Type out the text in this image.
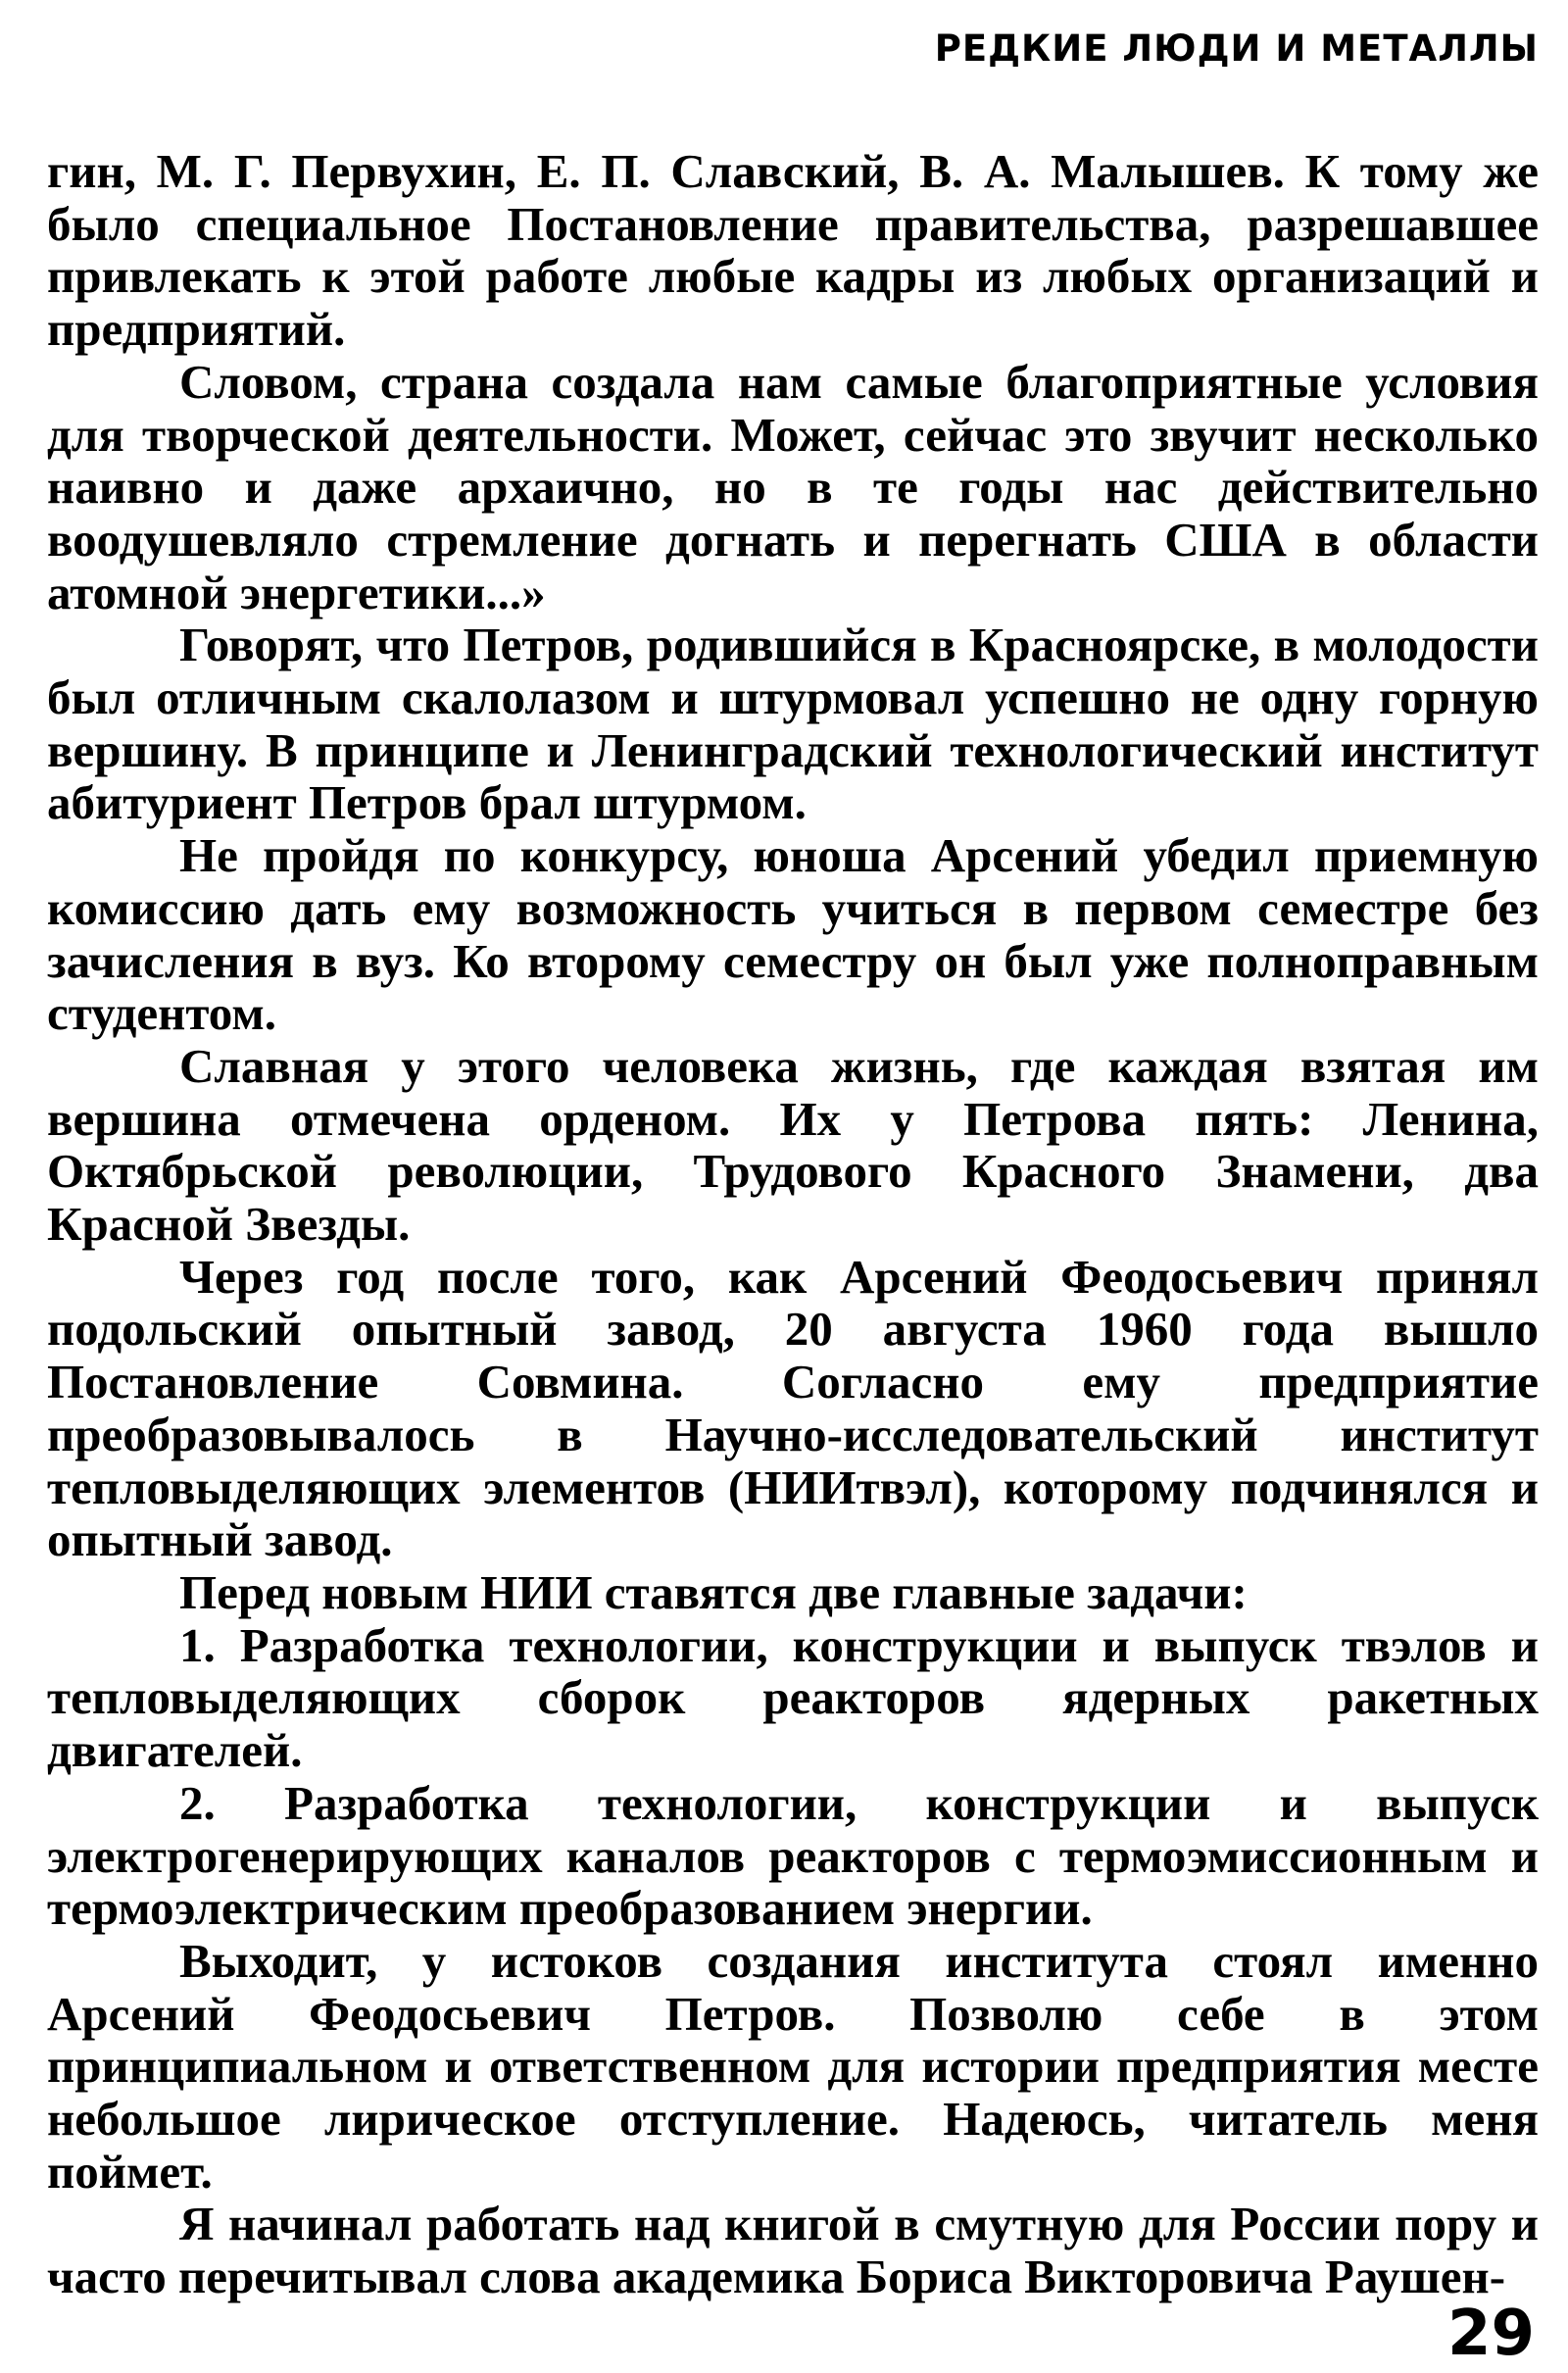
РЕДКИЕ ЛЮДИ И МЕТАЛЛЫ

гин, М. Г. Первухин, Е. П. Славский, В. А. Малышев. К тому же было специальное Постановление правительства, разрешавшее привлекать к этой работе любые кадры из любых организаций и предприятий.

Словом, страна создала нам самые благоприятные условия для творческой деятельности. Может, сейчас это звучит несколько наивно и даже архаично, но в те годы нас действительно воодушевляло стремление догнать и перегнать США в области атомной энергетики...»

Говорят, что Петров, родившийся в Красноярске, в молодости был отличным скалолазом и штурмовал успешно не одну горную вершину. В принципе и Ленинградский технологический институт абитуриент Петров брал штурмом.

Не пройдя по конкурсу, юноша Арсений убедил приемную комиссию дать ему возможность учиться в первом семестре без зачисления в вуз. Ко второму семестру он был уже полноправным студентом.

Славная у этого человека жизнь, где каждая взятая им вершина отмечена орденом. Их у Петрова пять: Ленина, Октябрьской революции, Трудового Красного Знамени, два Красной Звезды.

Через год после того, как Арсений Феодосьевич принял подольский опытный завод, 20 августа 1960 года вышло Постановление Совмина. Согласно ему предприятие преобразовывалось в Научно-исследовательский институт тепловыделяющих элементов (НИИтвэл), которому подчинялся и опытный завод.

Перед новым НИИ ставятся две главные задачи:

1. Разработка технологии, конструкции и выпуск твэлов и тепловыделяющих сборок реакторов ядерных ракетных двигателей.

2. Разработка технологии, конструкции и выпуск электрогенерирующих каналов реакторов с термоэмиссионным и термоэлектрическим преобразованием энергии.

Выходит, у истоков создания института стоял именно Арсений Феодосьевич Петров. Позволю себе в этом принципиальном и ответственном для истории предприятия месте небольшое лирическое отступление. Надеюсь, читатель меня поймет.

Я начинал работать над книгой в смутную для России пору и часто перечитывал слова академика Бориса Викторовича Раушен-

29
